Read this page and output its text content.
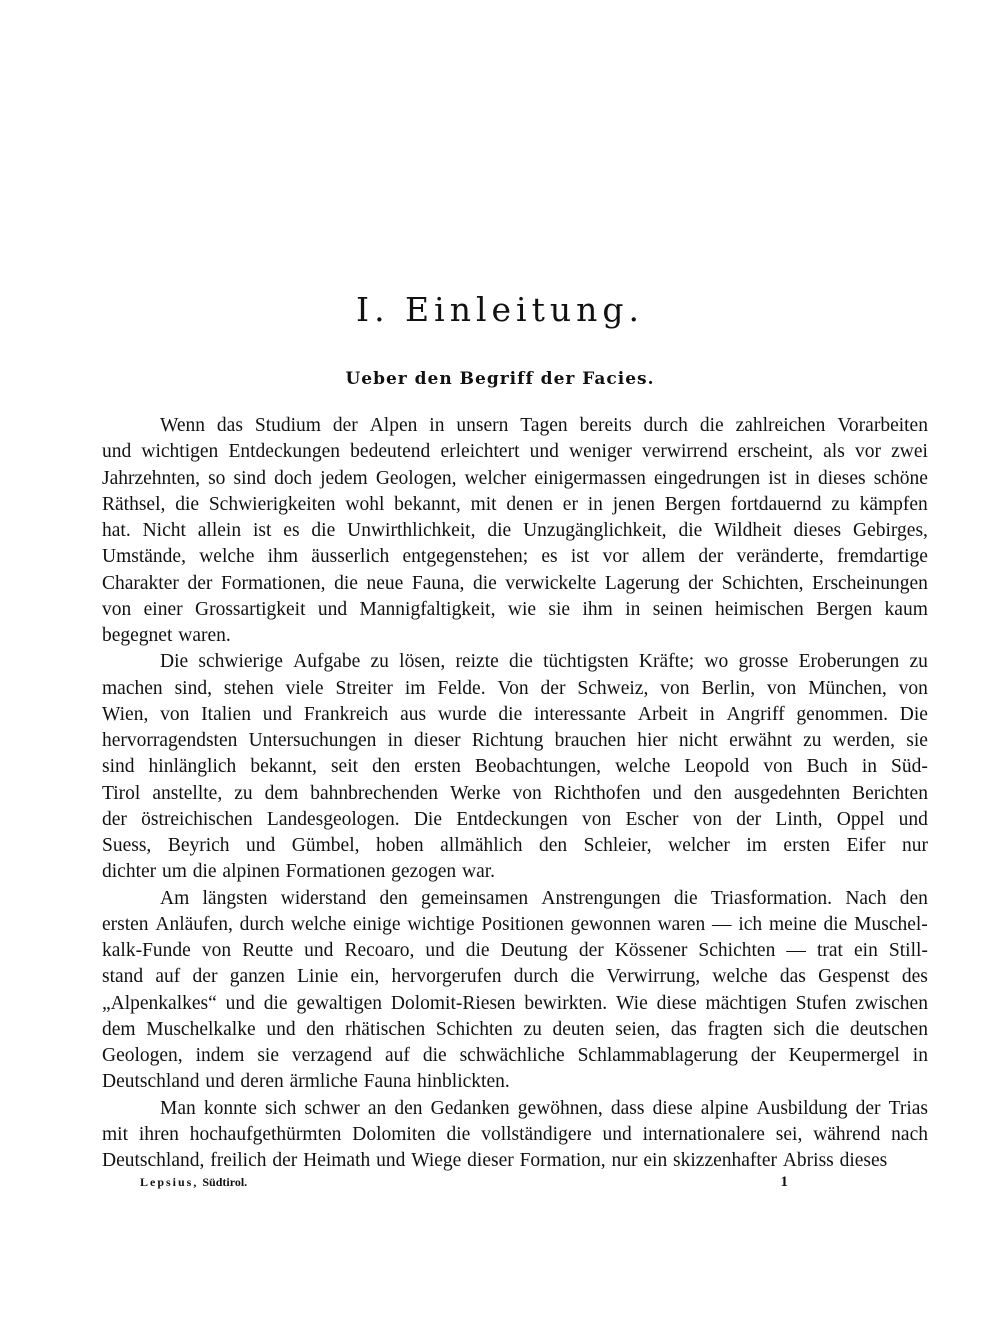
I. Einleitung.
Ueber den Begriff der Facies.
Wenn das Studium der Alpen in unsern Tagen bereits durch die zahlreichen Vorarbeiten
und wichtigen Entdeckungen bedeutend erleichtert und weniger verwirrend erscheint, als vor zwei
Jahrzehnten, so sind doch jedem Geologen, welcher einigermassen eingedrungen ist in dieses schöne
Räthsel, die Schwierigkeiten wohl bekannt, mit denen er in jenen Bergen fortdauernd zu kämpfen
hat. Nicht allein ist es die Unwirthlichkeit, die Unzugänglichkeit, die Wildheit dieses Gebirges,
Umstände, welche ihm äusserlich entgegenstehen; es ist vor allem der veränderte, fremdartige
Charakter der Formationen, die neue Fauna, die verwickelte Lagerung der Schichten, Erscheinungen
von einer Grossartigkeit und Mannigfaltigkeit, wie sie ihm in seinen heimischen Bergen kaum
begegnet waren.
Die schwierige Aufgabe zu lösen, reizte die tüchtigsten Kräfte; wo grosse Eroberungen zu
machen sind, stehen viele Streiter im Felde. Von der Schweiz, von Berlin, von München, von
Wien, von Italien und Frankreich aus wurde die interessante Arbeit in Angriff genommen. Die
hervorragendsten Untersuchungen in dieser Richtung brauchen hier nicht erwähnt zu werden, sie
sind hinlänglich bekannt, seit den ersten Beobachtungen, welche Leopold von Buch in Süd-
Tirol anstellte, zu dem bahnbrechenden Werke von Richthofen und den ausgedehnten Berichten
der östreichischen Landesgeologen. Die Entdeckungen von Escher von der Linth, Oppel und
Suess, Beyrich und Gümbel, hoben allmählich den Schleier, welcher im ersten Eifer nur
dichter um die alpinen Formationen gezogen war.
Am längsten widerstand den gemeinsamen Anstrengungen die Triasformation. Nach den
ersten Anläufen, durch welche einige wichtige Positionen gewonnen waren — ich meine die Muschel-
kalk-Funde von Reutte und Recoaro, und die Deutung der Kössener Schichten — trat ein Still-
stand auf der ganzen Linie ein, hervorgerufen durch die Verwirrung, welche das Gespenst des
„Alpenkalkes“ und die gewaltigen Dolomit-Riesen bewirkten. Wie diese mächtigen Stufen zwischen
dem Muschelkalke und den rhätischen Schichten zu deuten seien, das fragten sich die deutschen
Geologen, indem sie verzagend auf die schwächliche Schlammablagerung der Keupermergel in
Deutschland und deren ärmliche Fauna hinblickten.
Man konnte sich schwer an den Gedanken gewöhnen, dass diese alpine Ausbildung der Trias
mit ihren hochaufgethürmten Dolomiten die vollständigere und internationalere sei, während nach
Deutschland, freilich der Heimath und Wiege dieser Formation, nur ein skizzenhafter Abriss dieses
Lepsius, Südtirol.	1
